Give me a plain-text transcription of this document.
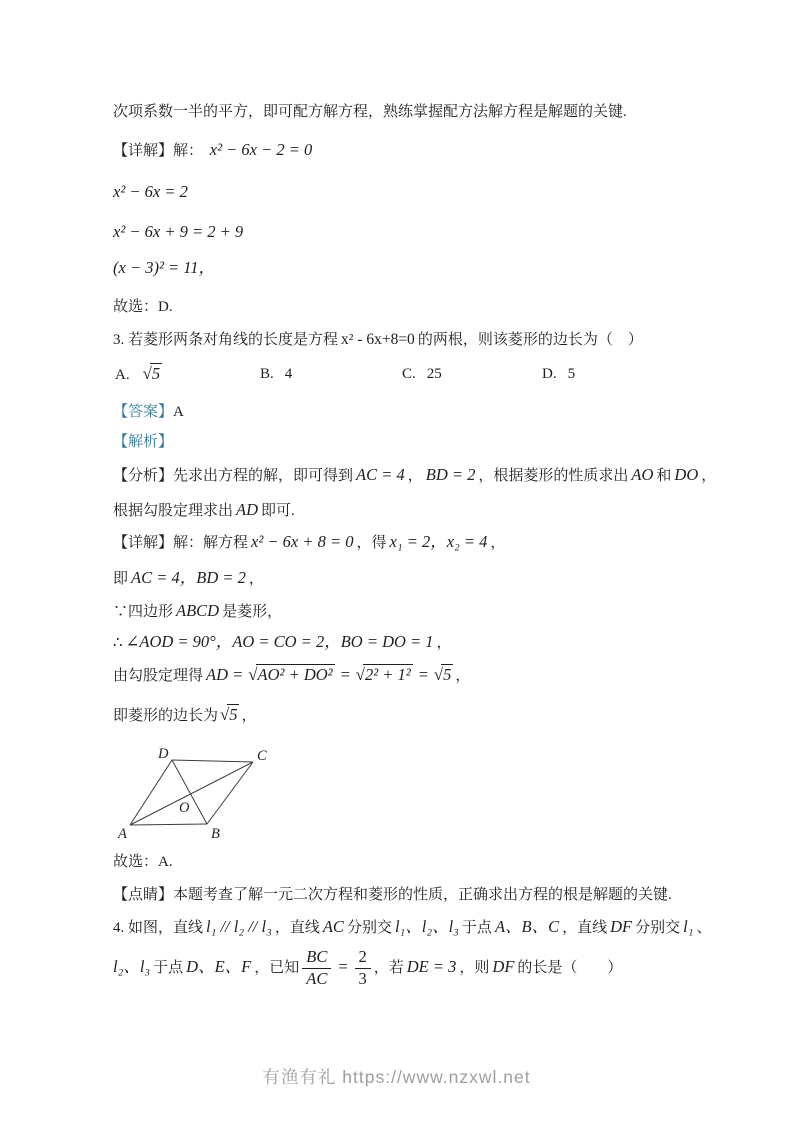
次项系数一半的平方，即可配方解方程，熟练掌握配方法解方程是解题的关键.
【详解】解： x² − 6x − 2 = 0
x² − 6x = 2
x² − 6x + 9 = 2 + 9
(x − 3)² = 11，
故选：D.
3. 若菱形两条对角线的长度是方程 x² - 6x+8=0 的两根，则该菱形的边长为（　）
A. √5	B. 4	C. 25	D. 5
【答案】A
【解析】
【分析】先求出方程的解，即可得到 AC = 4 ， BD = 2 ，根据菱形的性质求出 AO 和 DO ，
根据勾股定理求出 AD 即可.
【详解】解：解方程 x² − 6x + 8 = 0 ，得 x₁ = 2，x₂ = 4 ，
即 AC = 4，BD = 2 ，
∵四边形 ABCD 是菱形，
∴ ∠AOD = 90°，AO = CO = 2，BO = DO = 1 ，
由勾股定理得 AD = √AO² + DO² = √2² + 1² = √5 ，
即菱形的边长为 √5 ，
A	B
C
D
O
故选：A.
【点睛】本题考查了解一元二次方程和菱形的性质，正确求出方程的根是解题的关键.
4. 如图，直线 l₁ // l₂ // l₃ ，直线 AC 分别交 l₁、l₂、l₃ 于点 A、B、C ，直线 DF 分别交 l₁ 、
l₂、l₃ 于点 D、E、F ，已知 $\frac{BC}{AC} = \frac{2}{3}$ ，若 DE = 3 ，则 DF 的长是（　　）
有渔有礼 https://www.nzxwl.net
